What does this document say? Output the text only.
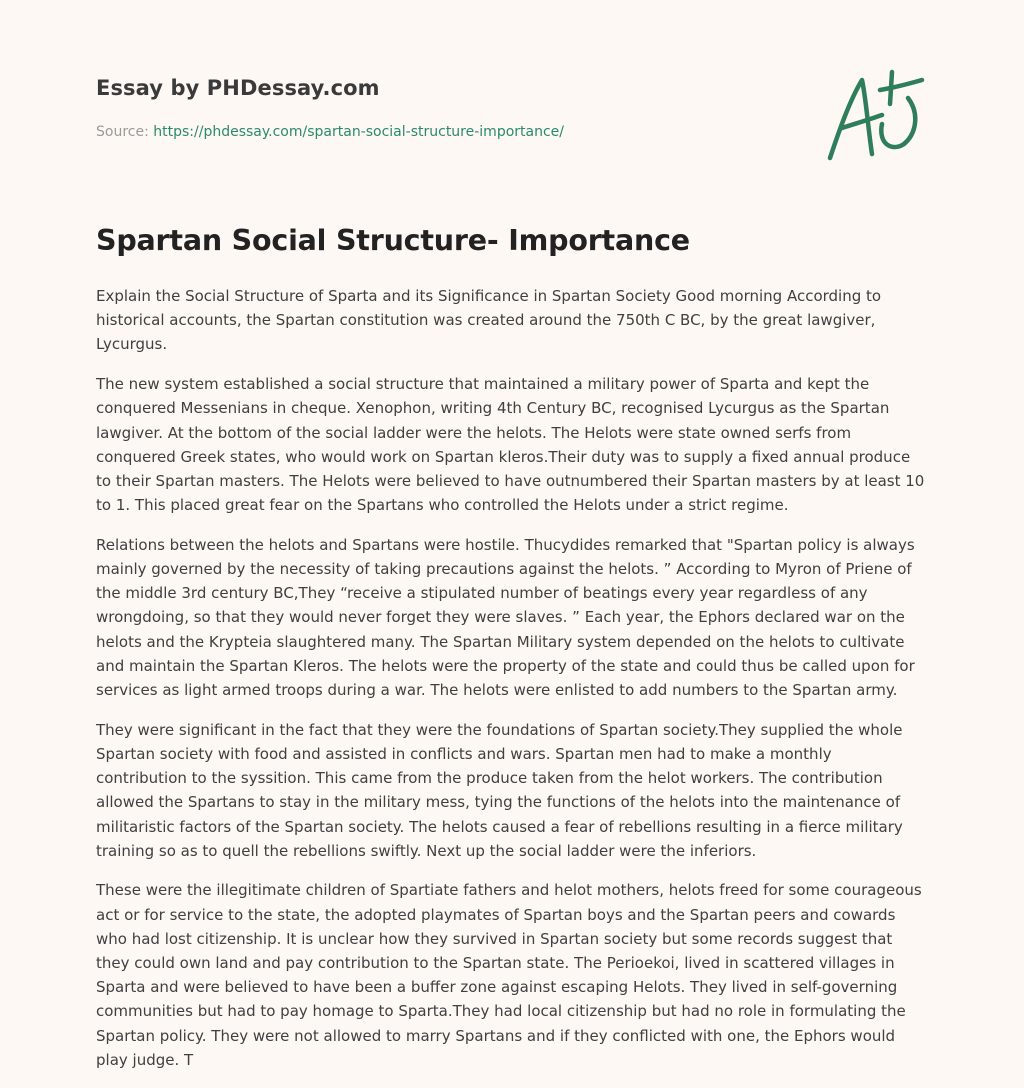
Essay by PHDessay.com
Source: https://phdessay.com/spartan-social-structure-importance/
Spartan Social Structure- Importance

Explain the Social Structure of Sparta and its Significance in Spartan Society Good morning According to historical accounts, the Spartan constitution was created around the 750th C BC, by the great lawgiver, Lycurgus.

The new system established a social structure that maintained a military power of Sparta and kept the conquered Messenians in cheque. Xenophon, writing 4th Century BC, recognised Lycurgus as the Spartan lawgiver. At the bottom of the social ladder were the helots. The Helots were state owned serfs from conquered Greek states, who would work on Spartan kleros.Their duty was to supply a fixed annual produce to their Spartan masters. The Helots were believed to have outnumbered their Spartan masters by at least 10 to 1. This placed great fear on the Spartans who controlled the Helots under a strict regime.

Relations between the helots and Spartans were hostile. Thucydides remarked that "Spartan policy is always mainly governed by the necessity of taking precautions against the helots. ” According to Myron of Priene of the middle 3rd century BC,They “receive a stipulated number of beatings every year regardless of any wrongdoing, so that they would never forget they were slaves. ” Each year, the Ephors declared war on the helots and the Krypteia slaughtered many. The Spartan Military system depended on the helots to cultivate and maintain the Spartan Kleros. The helots were the property of the state and could thus be called upon for services as light armed troops during a war. The helots were enlisted to add numbers to the Spartan army.

They were significant in the fact that they were the foundations of Spartan society.They supplied the whole Spartan society with food and assisted in conflicts and wars. Spartan men had to make a monthly contribution to the syssition. This came from the produce taken from the helot workers. The contribution allowed the Spartans to stay in the military mess, tying the functions of the helots into the maintenance of militaristic factors of the Spartan society. The helots caused a fear of rebellions resulting in a fierce military training so as to quell the rebellions swiftly. Next up the social ladder were the inferiors.

These were the illegitimate children of Spartiate fathers and helot mothers, helots freed for some courageous act or for service to the state, the adopted playmates of Spartan boys and the Spartan peers and cowards who had lost citizenship. It is unclear how they survived in Spartan society but some records suggest that they could own land and pay contribution to the Spartan state. The Perioekoi, lived in scattered villages in Sparta and were believed to have been a buffer zone against escaping Helots. They lived in self-governing communities but had to pay homage to Sparta.They had local citizenship but had no role in formulating the Spartan policy. They were not allowed to marry Spartans and if they conflicted with one, the Ephors would play judge. T
